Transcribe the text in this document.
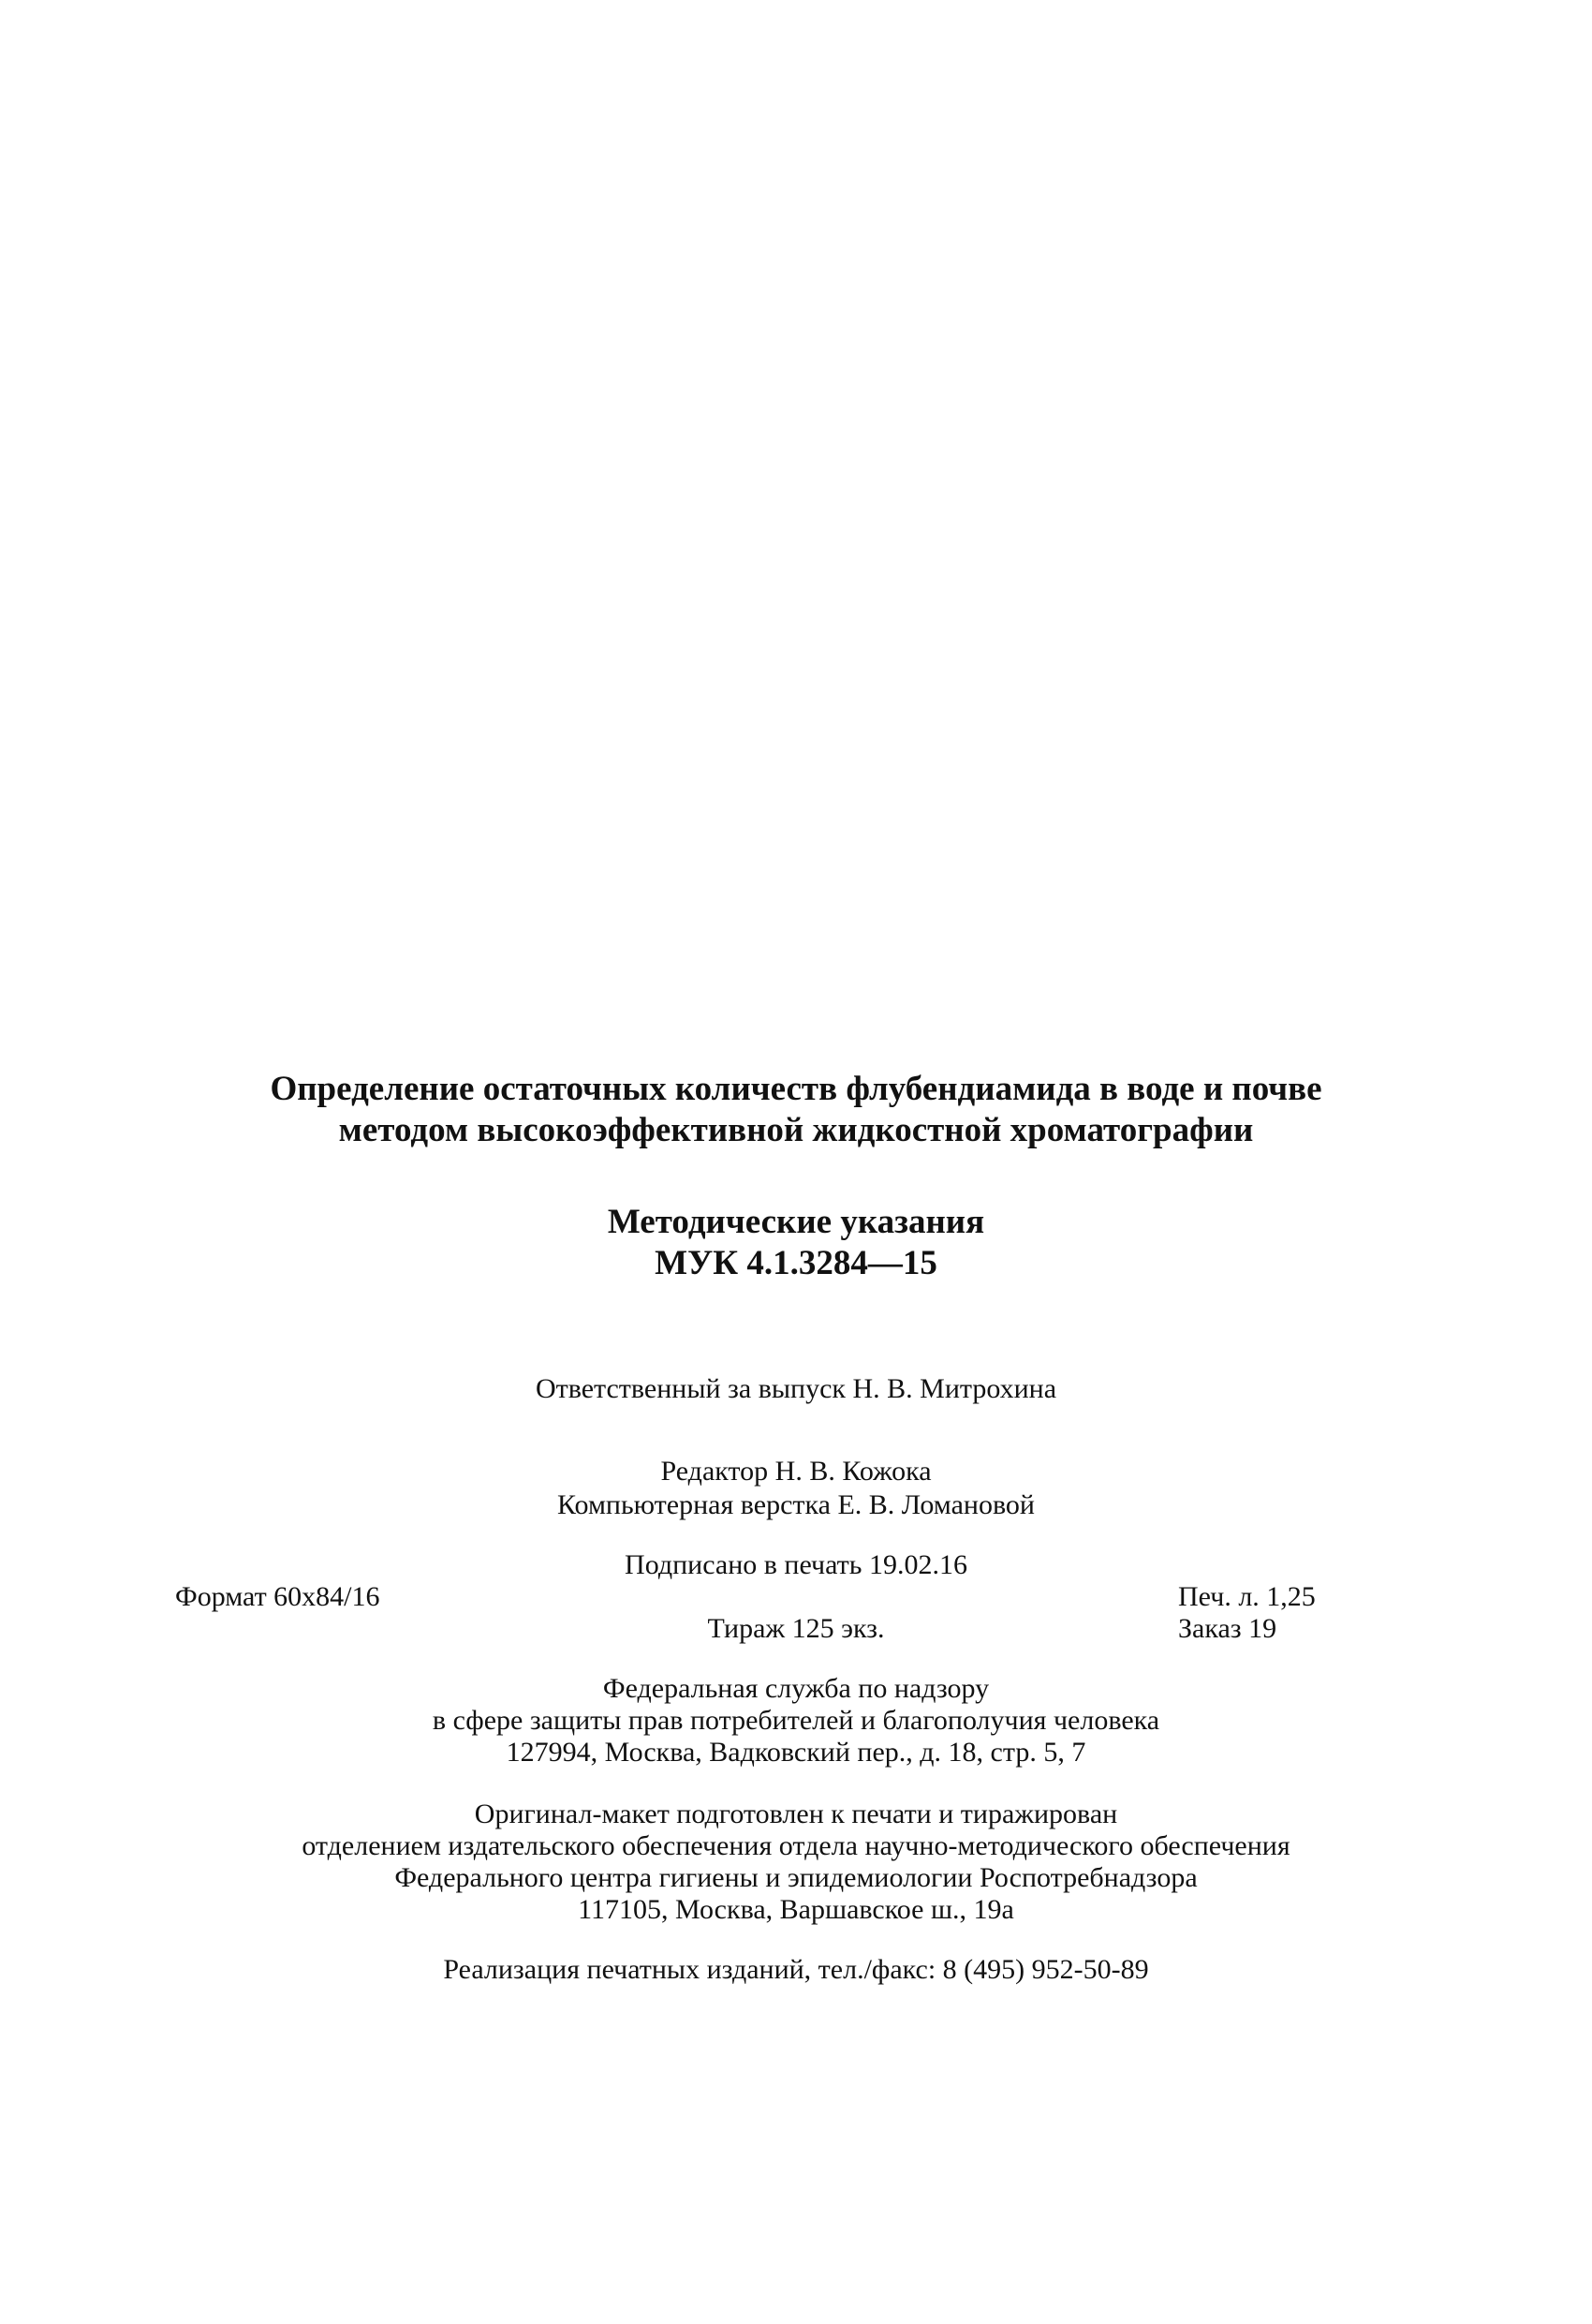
Определение остаточных количеств флубендиамида в воде и почве
методом высокоэффективной жидкостной хроматографии
Методические указания
МУК 4.1.3284—15
Ответственный за выпуск Н. В. Митрохина
Редактор Н. В. Кожока
Компьютерная верстка Е. В. Ломановой
Подписано в печать 19.02.16
Формат 60x84/16	Печ. л. 1,25
Тираж 125 экз.	Заказ 19
Федеральная служба по надзору
в сфере защиты прав потребителей и благополучия человека
127994, Москва, Вадковский пер., д. 18, стр. 5, 7
Оригинал-макет подготовлен к печати и тиражирован
отделением издательского обеспечения отдела научно-методического обеспечения
Федерального центра гигиены и эпидемиологии Роспотребнадзора
117105, Москва, Варшавское ш., 19а
Реализация печатных изданий, тел./факс: 8 (495) 952-50-89
